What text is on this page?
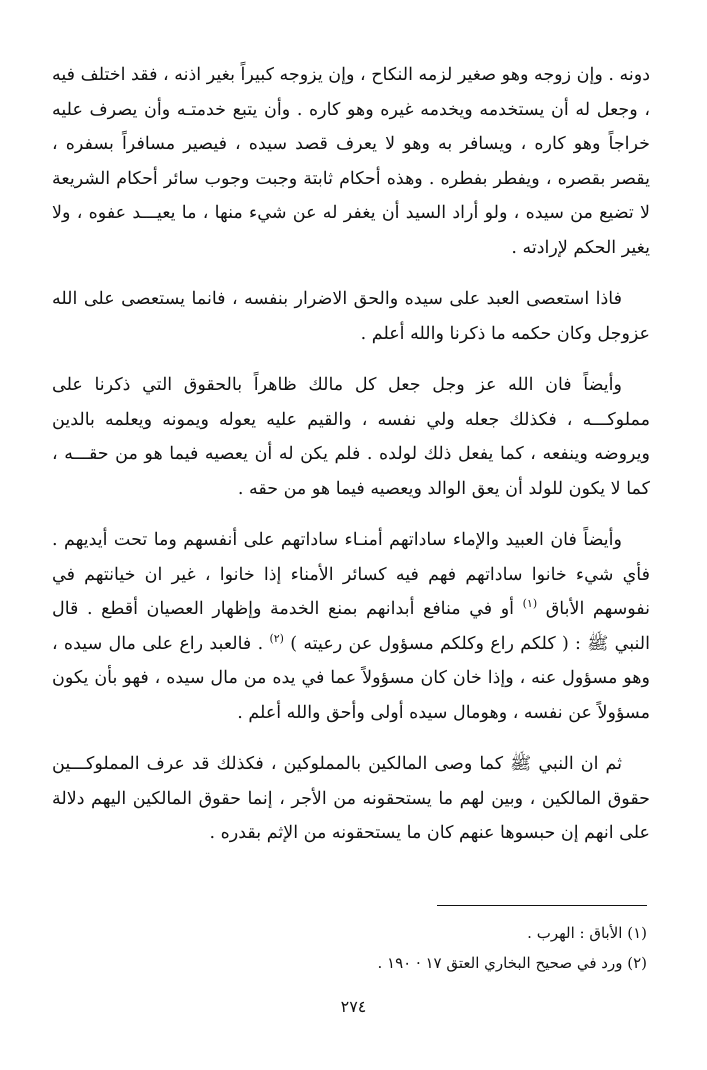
دونه . وإن زوجه وهو صغير لزمه النكاح ، وإن يزوجه كبيراً بغير اذنه ، فقد اختلف فيه ، وجعل له أن يستخدمه ويخدمه غيره وهو كاره . وأن يتبع خدمتـه وأن يصرف عليه خراجاً وهو كاره ، ويسافر به وهو لا يعرف قصد سيده ، فيصير مسافراً بسفره ، يقصر بقصره ، ويفطر بفطره . وهذه أحكام ثابتة وجبت وجوب سائر أحكام الشريعة لا تضيع من سيده ، ولو أراد السيد أن يغفر له عن شيء منها ، ما يعيـــد عفوه ، ولا يغير الحكم لإرادته .

فاذا استعصى العبد على سيده والحق الاضرار بنفسه ، فانما يستعصى على الله عزوجل وكان حكمه ما ذكرنا والله أعلم .

وأيضاً فان الله عز وجل جعل كل مالك ظاهراً بالحقوق التي ذكرنا على مملوكـــه ، فكذلك جعله ولي نفسه ، والقيم عليه يعوله ويمونه ويعلمه بالدين ويروضه وينفعه ، كما يفعل ذلك لولده . فلم يكن له أن يعصيه فيما هو من حقـــه ، كما لا يكون للولد أن يعق الوالد ويعصيه فيما هو من حقه .

وأيضاً فان العبيد والإماء ساداتهم أمنـاء ساداتهم على أنفسهم وما تحت أيديهم . فأي شيء خانوا ساداتهم فهم فيه كسائر الأمناء إذا خانوا ، غير ان خيانتهم في نفوسهم الأباق $^{(١)}$ أو في منافع أبدانهم بمنع الخدمة وإظهار العصيان أقطع . قال النبي ﷺ : ( كلكم راع وكلكم مسؤول عن رعيته ) $^{(٢)}$ . فالعبد راع على مال سيده ، وهو مسؤول عنه ، وإذا خان كان مسؤولاً عما في يده من مال سيده ، فهو بأن يكون مسؤولاً عن نفسه ، وهومال سيده أولى وأحق والله أعلم .

ثم ان النبي ﷺ كما وصى المالكين بالمملوكين ، فكذلك قد عرف المملوكـــين حقوق المالكين ، وبين لهم ما يستحقونه من الأجر ، إنما حقوق المالكين اليهم دلالة على انهم إن حبسوها عنهم كان ما يستحقونه من الإثم بقدره .

(١) الأباق : الهرب .

(٢) ورد في صحيح البخاري العتق ١٧ · ١٩٠ .

٢٧٤
